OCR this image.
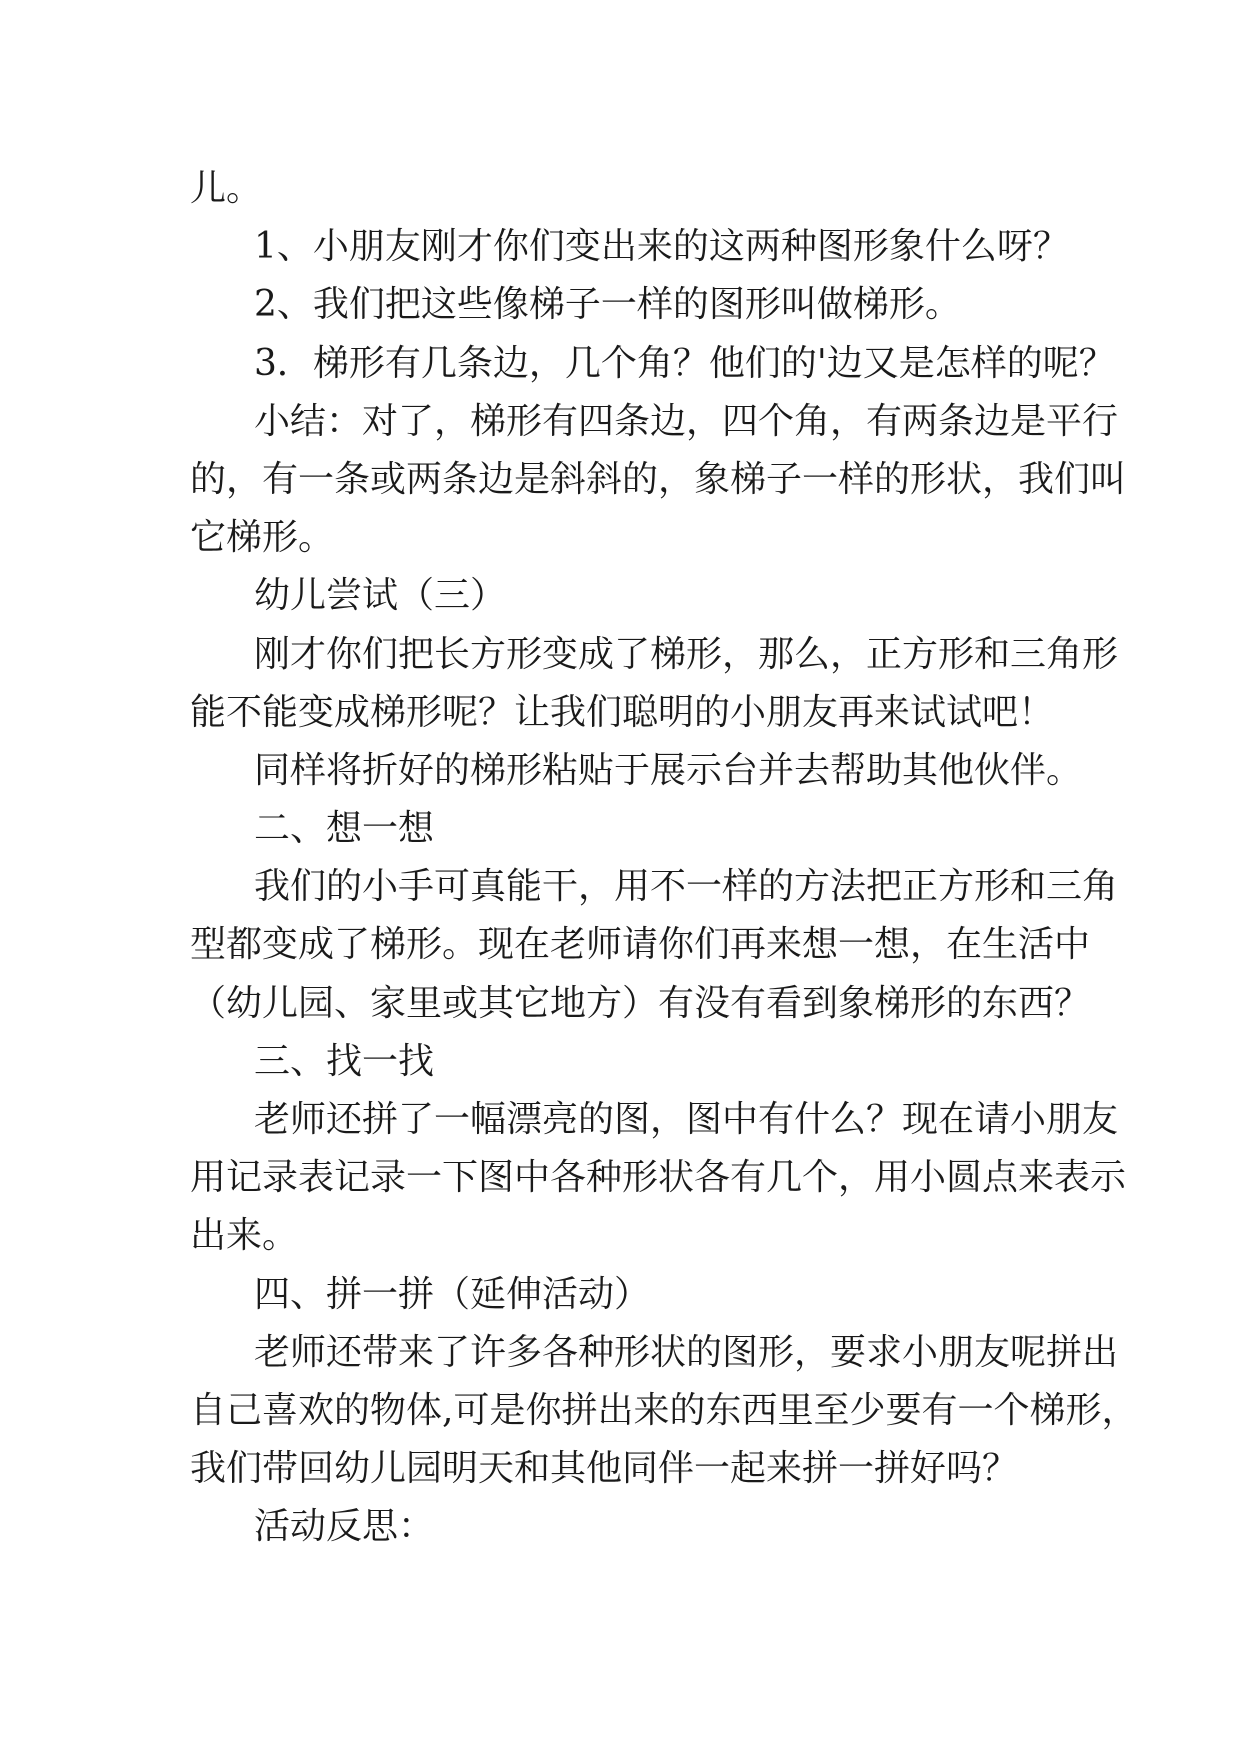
儿。
1、小朋友刚才你们变出来的这两种图形象什么呀？
2、我们把这些像梯子一样的图形叫做梯形。
3．梯形有几条边，几个角？他们的'边又是怎样的呢？
小结：对了，梯形有四条边，四个角，有两条边是平行
的，有一条或两条边是斜斜的，象梯子一样的形状，我们叫
它梯形。
幼儿尝试（三）
刚才你们把长方形变成了梯形，那么，正方形和三角形
能不能变成梯形呢？让我们聪明的小朋友再来试试吧！
同样将折好的梯形粘贴于展示台并去帮助其他伙伴。
二、想一想
我们的小手可真能干，用不一样的方法把正方形和三角
型都变成了梯形。现在老师请你们再来想一想，在生活中
（幼儿园、家里或其它地方）有没有看到象梯形的东西？
三、找一找
老师还拼了一幅漂亮的图，图中有什么？现在请小朋友
用记录表记录一下图中各种形状各有几个，用小圆点来表示
出来。
四、拼一拼（延伸活动）
老师还带来了许多各种形状的图形，要求小朋友呢拼出
自己喜欢的物体,可是你拼出来的东西里至少要有一个梯形，
我们带回幼儿园明天和其他同伴一起来拼一拼好吗？
活动反思：
